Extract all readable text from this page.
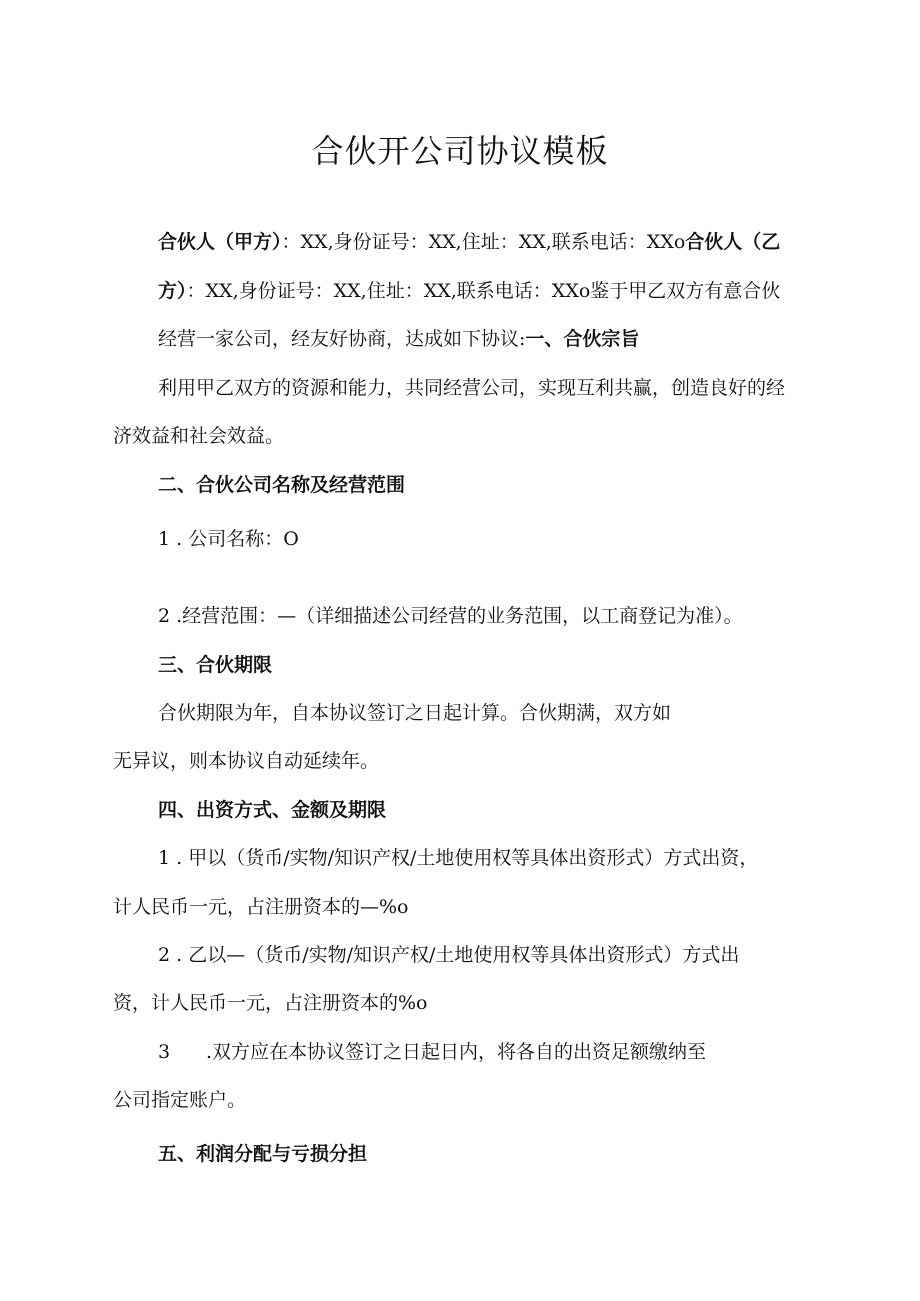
合伙开公司协议模板
合伙人（甲方）：XX,身份证号：XX,住址：XX,联系电话：XXo合伙人（乙
方）：XX,身份证号：XX,住址：XX,联系电话：XXo鉴于甲乙双方有意合伙
经营一家公司，经友好协商，达成如下协议:一、合伙宗旨
利用甲乙双方的资源和能力，共同经营公司，实现互利共赢，创造良好的经
济效益和社会效益。
二、合伙公司名称及经营范围
1 . 公司名称：O
2 .经营范围：—（详细描述公司经营的业务范围，以工商登记为准）。
三、合伙期限
合伙期限为年，自本协议签订之日起计算。合伙期满，双方如
无异议，则本协议自动延续年。
四、出资方式、金额及期限
1 . 甲以（货币/实物/知识产权/土地使用权等具体出资形式）方式出资，
计人民币一元，占注册资本的—%o
2 . 乙以—（货币/实物/知识产权/土地使用权等具体出资形式）方式出
资，计人民币一元，占注册资本的%o
3 .双方应在本协议签订之日起日内，将各自的出资足额缴纳至
公司指定账户。
五、利润分配与亏损分担
